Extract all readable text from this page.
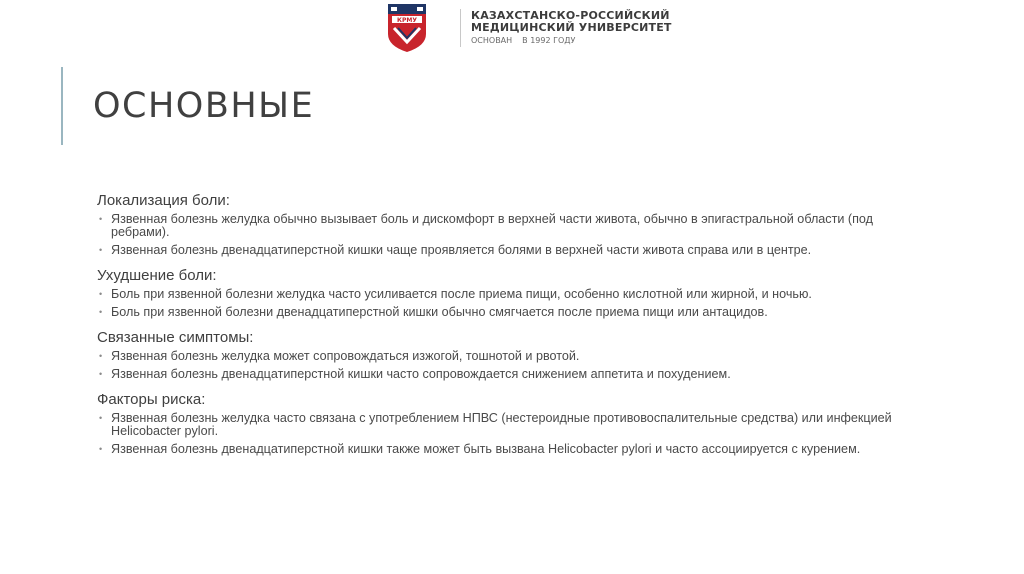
КРМУ	КАЗАХСТАНСКО-РОССИЙСКИЙ
МЕДИЦИНСКИЙ УНИВЕРСИТЕТ
ОСНОВАН В 1992 ГОДУ
ОСНОВНЫЕ
Локализация боли:
• Язвенная болезнь желудка обычно вызывает боль и дискомфорт в верхней части живота, обычно в эпигастральной области (под ребрами).
• Язвенная болезнь двенадцатиперстной кишки чаще проявляется болями в верхней части живота справа или в центре.
Ухудшение боли:
• Боль при язвенной болезни желудка часто усиливается после приема пищи, особенно кислотной или жирной, и ночью.
• Боль при язвенной болезни двенадцатиперстной кишки обычно смягчается после приема пищи или антацидов.
Связанные симптомы:
• Язвенная болезнь желудка может сопровождаться изжогой, тошнотой и рвотой.
• Язвенная болезнь двенадцатиперстной кишки часто сопровождается снижением аппетита и похудением.
Факторы риска:
• Язвенная болезнь желудка часто связана с употреблением НПВС (нестероидные противовоспалительные средства) или инфекцией Helicobacter pylori.
• Язвенная болезнь двенадцатиперстной кишки также может быть вызвана Helicobacter pylori и часто ассоциируется с курением.
